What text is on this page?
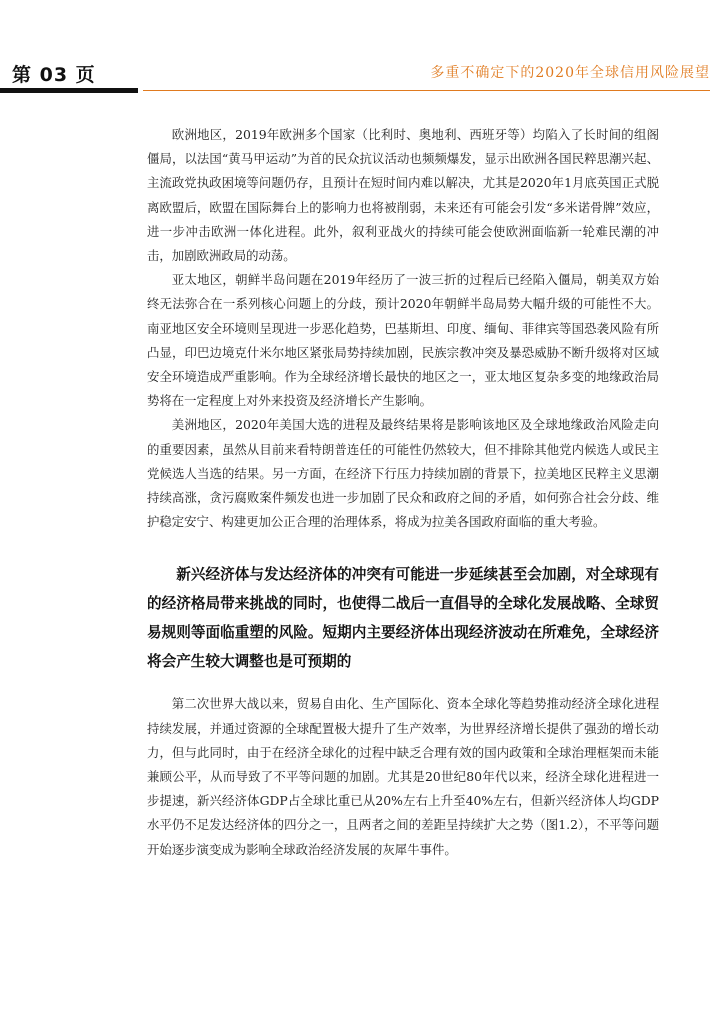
第 03 页	多重不确定下的2020年全球信用风险展望

欧洲地区，2019年欧洲多个国家（比利时、奥地利、西班牙等）均陷入了长时间的组阁僵局，以法国“黄马甲运动”为首的民众抗议活动也频频爆发，显示出欧洲各国民粹思潮兴起、主流政党执政困境等问题仍存，且预计在短时间内难以解决，尤其是2020年1月底英国正式脱离欧盟后，欧盟在国际舞台上的影响力也将被削弱，未来还有可能会引发“多米诺骨牌”效应，进一步冲击欧洲一体化进程。此外，叙利亚战火的持续可能会使欧洲面临新一轮难民潮的冲击，加剧欧洲政局的动荡。

亚太地区，朝鲜半岛问题在2019年经历了一波三折的过程后已经陷入僵局，朝美双方始终无法弥合在一系列核心问题上的分歧，预计2020年朝鲜半岛局势大幅升级的可能性不大。南亚地区安全环境则呈现进一步恶化趋势，巴基斯坦、印度、缅甸、菲律宾等国恐袭风险有所凸显，印巴边境克什米尔地区紧张局势持续加剧，民族宗教冲突及暴恐威胁不断升级将对区域安全环境造成严重影响。作为全球经济增长最快的地区之一，亚太地区复杂多变的地缘政治局势将在一定程度上对外来投资及经济增长产生影响。

美洲地区，2020年美国大选的进程及最终结果将是影响该地区及全球地缘政治风险走向的重要因素，虽然从目前来看特朗普连任的可能性仍然较大，但不排除其他党内候选人或民主党候选人当选的结果。另一方面，在经济下行压力持续加剧的背景下，拉美地区民粹主义思潮持续高涨，贪污腐败案件频发也进一步加剧了民众和政府之间的矛盾，如何弥合社会分歧、维护稳定安宁、构建更加公正合理的治理体系，将成为拉美各国政府面临的重大考验。

新兴经济体与发达经济体的冲突有可能进一步延续甚至会加剧，对全球现有的经济格局带来挑战的同时，也使得二战后一直倡导的全球化发展战略、全球贸易规则等面临重塑的风险。短期内主要经济体出现经济波动在所难免，全球经济将会产生较大调整也是可预期的

第二次世界大战以来，贸易自由化、生产国际化、资本全球化等趋势推动经济全球化进程持续发展，并通过资源的全球配置极大提升了生产效率，为世界经济增长提供了强劲的增长动力，但与此同时，由于在经济全球化的过程中缺乏合理有效的国内政策和全球治理框架而未能兼顾公平，从而导致了不平等问题的加剧。尤其是20世纪80年代以来，经济全球化进程进一步提速，新兴经济体GDP占全球比重已从20%左右上升至40%左右，但新兴经济体人均GDP水平仍不足发达经济体的四分之一，且两者之间的差距呈持续扩大之势（图1.2），不平等问题开始逐步演变成为影响全球政治经济发展的灰犀牛事件。
